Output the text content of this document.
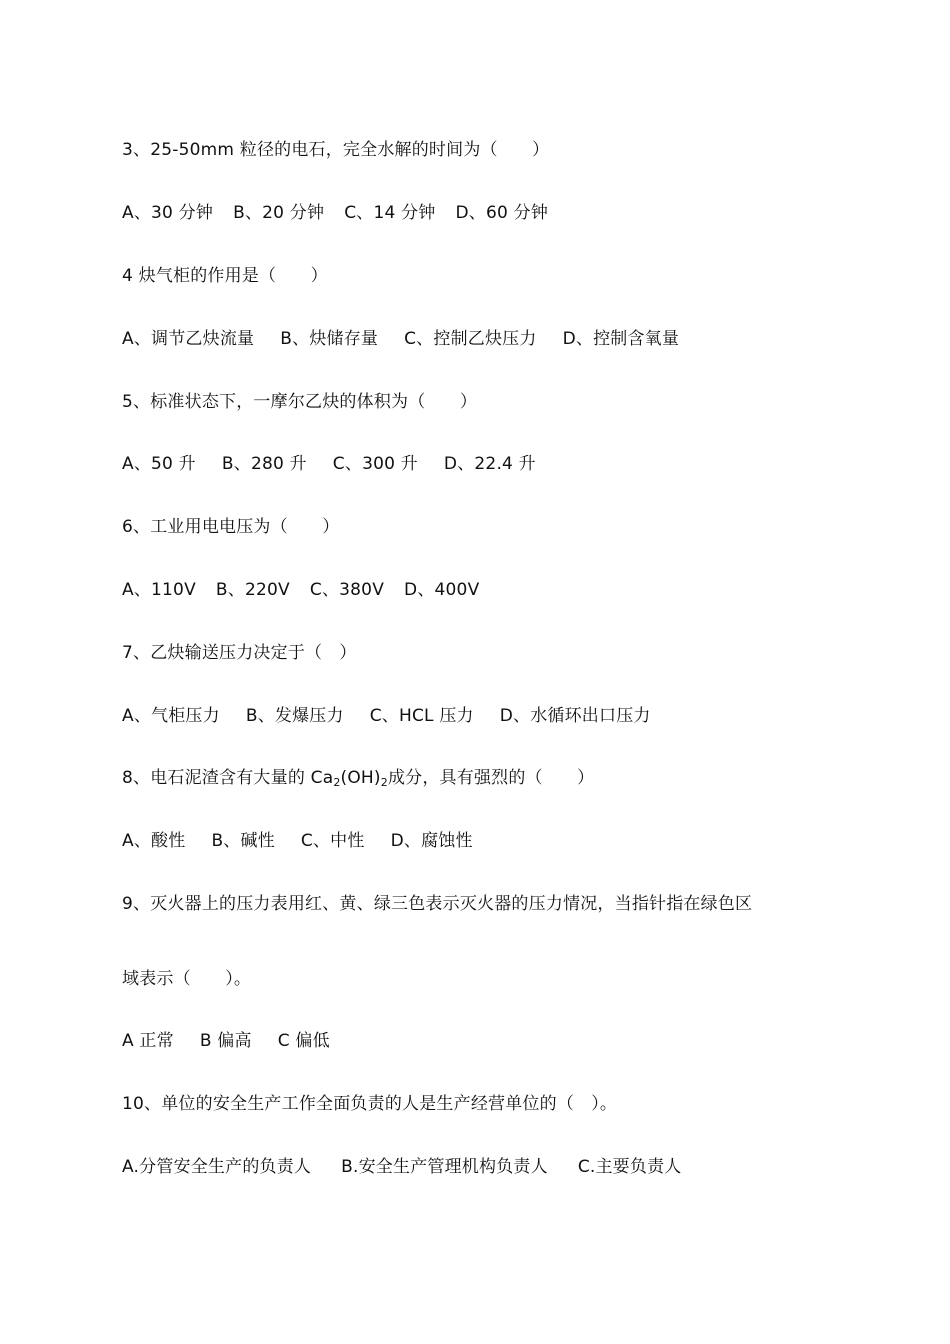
3、25-50mm 粒径的电石，完全水解的时间为（　　）
A、30 分钟 B、20 分钟 C、14 分钟 D、60 分钟
4 炔气柜的作用是（　　）
A、调节乙炔流量 B、炔储存量 C、控制乙炔压力 D、控制含氧量
5、标准状态下，一摩尔乙炔的体积为（　　）
A、50 升 B、280 升 C、300 升 D、22.4 升
6、工业用电电压为（　　）
A、110V B、220V C、380V D、400V
7、乙炔输送压力决定于（　）
A、气柜压力 B、发爆压力 C、HCL 压力 D、水循环出口压力
8、电石泥渣含有大量的 $Ca_2(OH)_2$成分，具有强烈的（　　）
A、酸性 B、碱性 C、中性 D、腐蚀性
9、灭火器上的压力表用红、黄、绿三色表示灭火器的压力情况，当指针指在绿色区
域表示（　　）。
A 正常 B 偏高 C 偏低
10、单位的安全生产工作全面负责的人是生产经营单位的（　）。
A.分管安全生产的负责人 B.安全生产管理机构负责人 C.主要负责人
